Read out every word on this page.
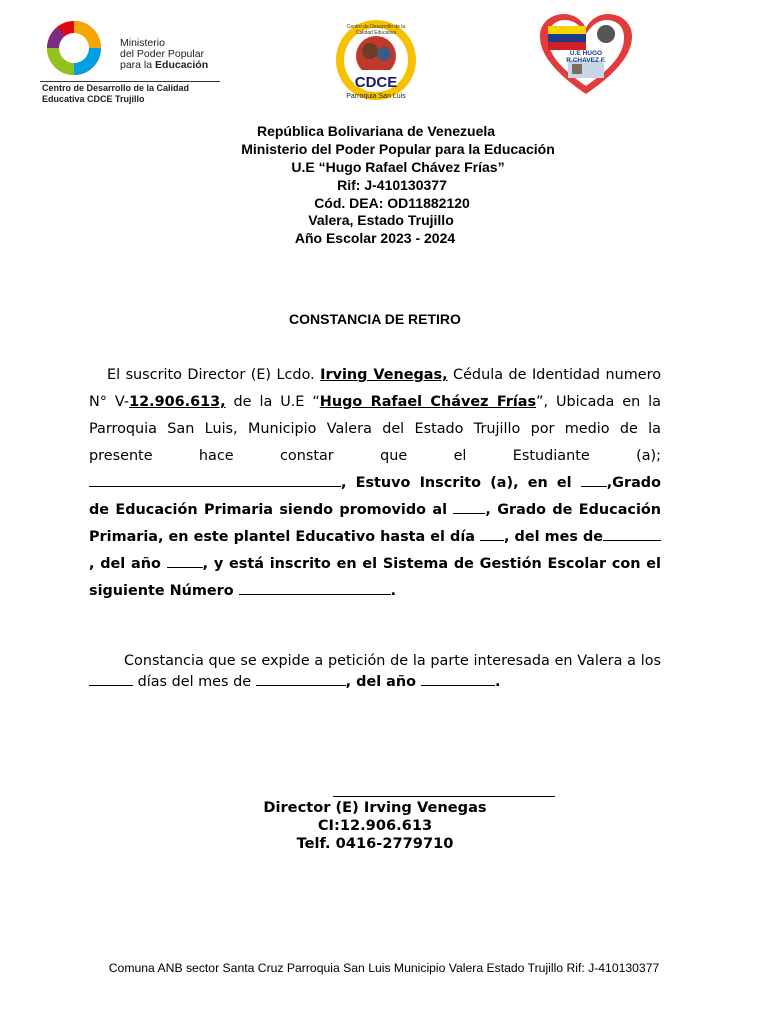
Ministerio
del Poder Popular
para la Educación
Centro de Desarrollo de la Calidad
Educativa CDCE Trujillo
CDCE
Parroquia San Luis
Centro de Desarrollo de la Calidad Educativa
U.E HUGO R.CHAVEZ F.
República Bolivariana de Venezuela
Ministerio del Poder Popular para la Educación
U.E “Hugo Rafael Chávez Frías”
Rif: J-410130377
Cód. DEA: OD11882120
Valera, Estado Trujillo
Año Escolar 2023 - 2024
CONSTANCIA DE RETIRO

El suscrito Director (E) Lcdo. Irving Venegas, Cédula de Identidad numero N° V-12.906.613, de la U.E “Hugo Rafael Chávez Frías”, Ubicada en la Parroquia San Luis, Municipio Valera del Estado Trujillo por medio de la presente hace constar que el Estudiante (a); , Estuvo Inscrito (a), en el ,Grado de Educación Primaria siendo promovido al , Grado de Educación Primaria, en este plantel Educativo hasta el día , del mes de, del año	, y está inscrito en el Sistema de Gestión Escolar con el siguiente Número	.

Constancia que se expide a petición de la parte interesada en Valera a los  días del mes de	, del año	.

Director (E) Irving Venegas
CI:12.906.613
Telf. 0416-2779710
Comuna ANB sector Santa Cruz Parroquia San Luis Municipio Valera Estado Trujillo Rif: J-410130377
